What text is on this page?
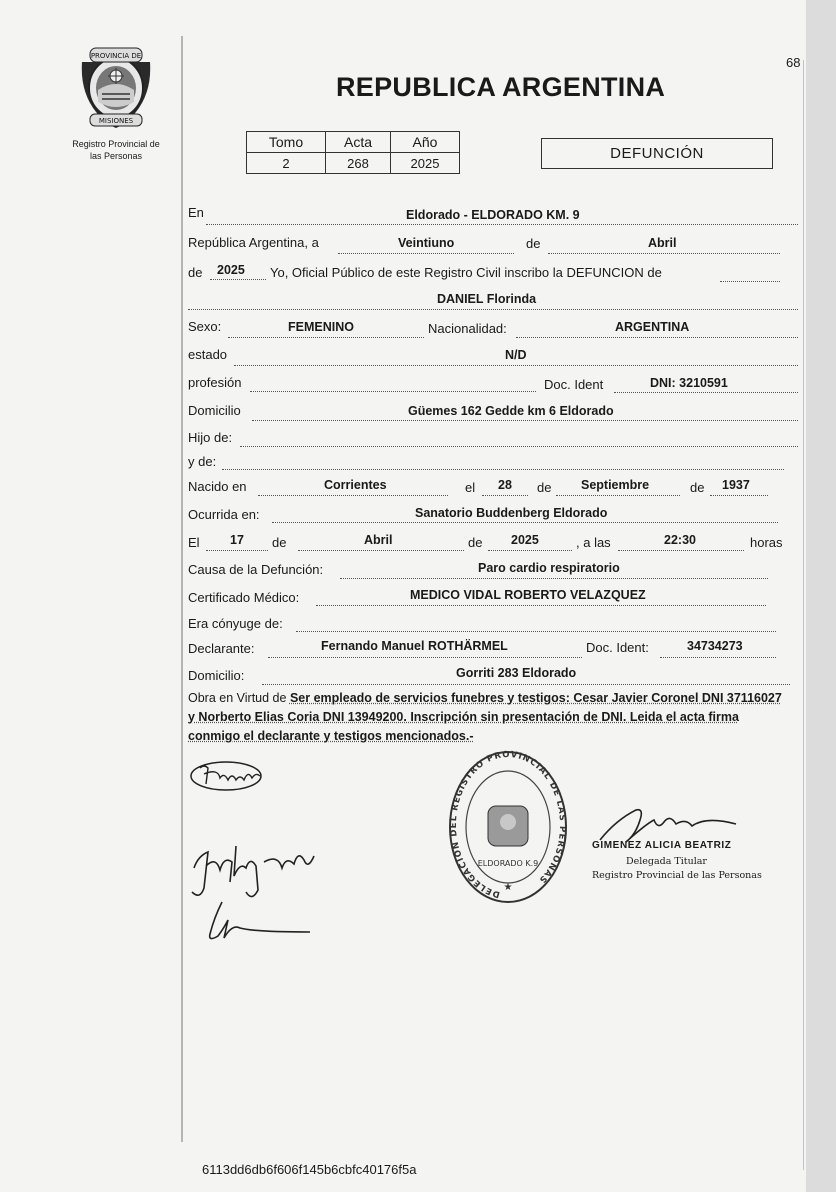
68
PROVINCIA DE
MISIONES
Registro Provincial de
las Personas
REPUBLICA ARGENTINA
Tomo	Acta	Año
2	268	2025
DEFUNCIÓN
En	Eldorado - ELDORADO KM. 9
República Argentina, a	Veintiuno	de	Abril
de 2025 Yo, Oficial Público de este Registro Civil inscribo la DEFUNCION de
DANIEL Florinda
Sexo:	FEMENINO	Nacionalidad:	ARGENTINA
estado	N/D
profesión	Doc. Ident	DNI: 3210591
Domicilio	Güemes 162 Gedde km 6 Eldorado
Hijo de:
y de:
Nacido en	Corrientes	el 28 de Septiembre	de 1937
Ocurrida en:	Sanatorio Buddenberg Eldorado
El 17 de	Abril	de 2025	, a las	22:30	horas
Causa de la Defunción:	Paro cardio respiratorio
Certificado Médico:	MEDICO VIDAL ROBERTO VELAZQUEZ
Era cónyuge de:
Declarante:	Fernando Manuel ROTHÄRMEL	Doc. Ident:	34734273
Domicilio:	Gorriti 283 Eldorado
Obra en Virtud de Ser empleado de servicios funebres y testigos: Cesar Javier Coronel DNI 37116027 y Norberto Elias Coria DNI 13949200. Inscripción sin presentación de DNI. Leida el acta firma conmigo el declarante y testigos mencionados.-
DELEGACION DEL REGISTRO PROVINCIAL DE LAS PERSONAS
ELDORADO K.9
★
GIMENEZ ALICIA BEATRIZ
Delegada Titular
Registro Provincial de las Personas
6113dd6db6f606f145b6cbfc40176f5a
